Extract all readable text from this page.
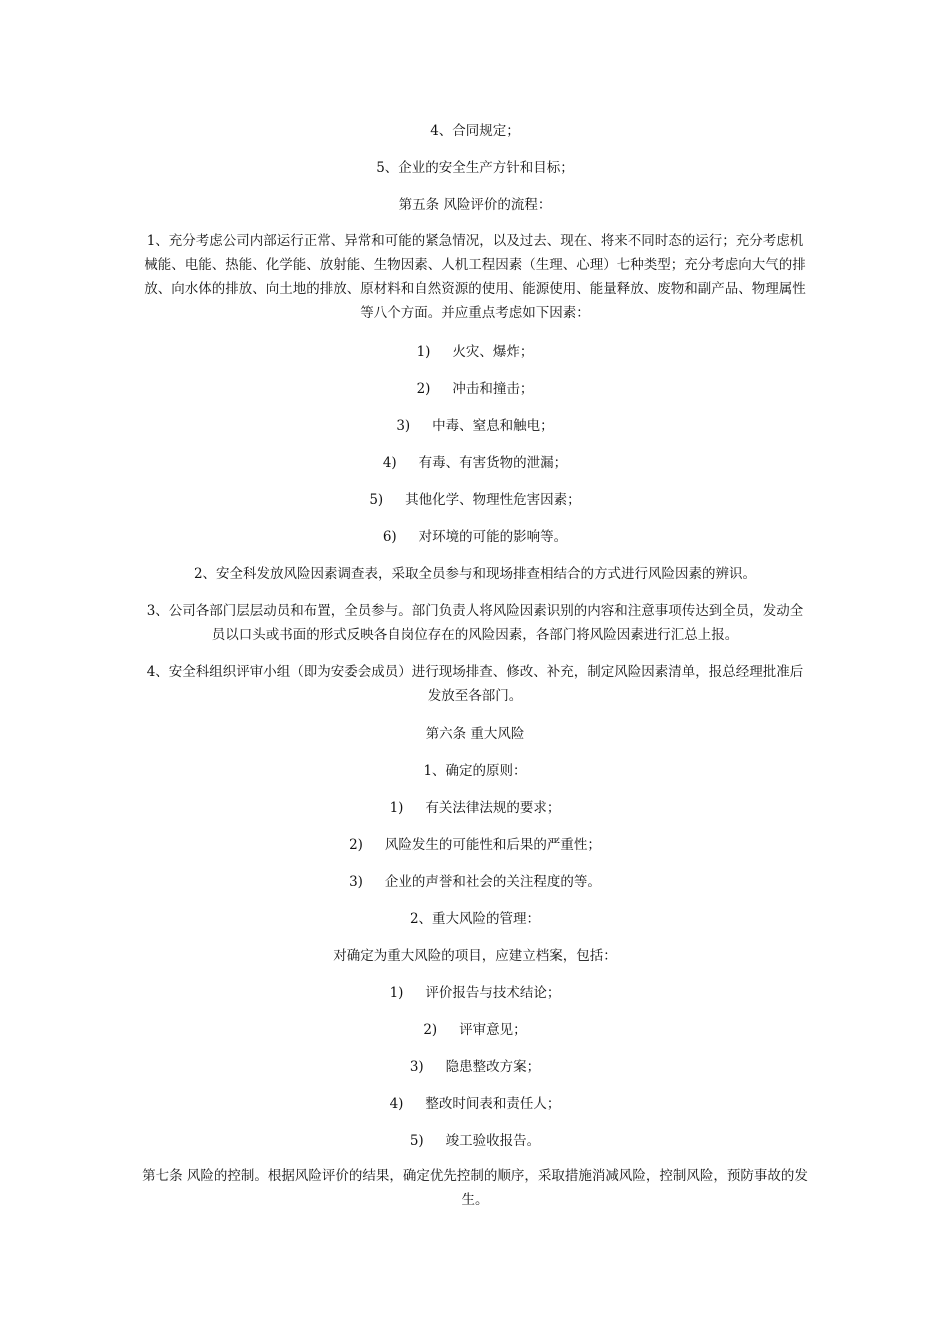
4、合同规定；
5、企业的安全生产方针和目标；
第五条 风险评价的流程：
1、充分考虑公司内部运行正常、异常和可能的紧急情况，以及过去、现在、将来不同时态的运行；充分考虑机械能、电能、热能、化学能、放射能、生物因素、人机工程因素（生理、心理）七种类型；充分考虑向大气的排放、向水体的排放、向土地的排放、原材料和自然资源的使用、能源使用、能量释放、废物和副产品、物理属性等八个方面。并应重点考虑如下因素：
1) 火灾、爆炸；
2) 冲击和撞击；
3) 中毒、窒息和触电；
4) 有毒、有害货物的泄漏；
5) 其他化学、物理性危害因素；
6) 对环境的可能的影响等。
2、安全科发放风险因素调查表，采取全员参与和现场排查相结合的方式进行风险因素的辨识。
3、公司各部门层层动员和布置，全员参与。部门负责人将风险因素识别的内容和注意事项传达到全员，发动全员以口头或书面的形式反映各自岗位存在的风险因素，各部门将风险因素进行汇总上报。
4、安全科组织评审小组（即为安委会成员）进行现场排查、修改、补充，制定风险因素清单，报总经理批准后发放至各部门。
第六条 重大风险
1、确定的原则：
1) 有关法律法规的要求；
2) 风险发生的可能性和后果的严重性；
3) 企业的声誉和社会的关注程度的等。
2、重大风险的管理：
对确定为重大风险的项目，应建立档案，包括：
1) 评价报告与技术结论；
2) 评审意见；
3) 隐患整改方案；
4) 整改时间表和责任人；
5) 竣工验收报告。
第七条 风险的控制。根据风险评价的结果，确定优先控制的顺序，采取措施消减风险，控制风险，预防事故的发生。
